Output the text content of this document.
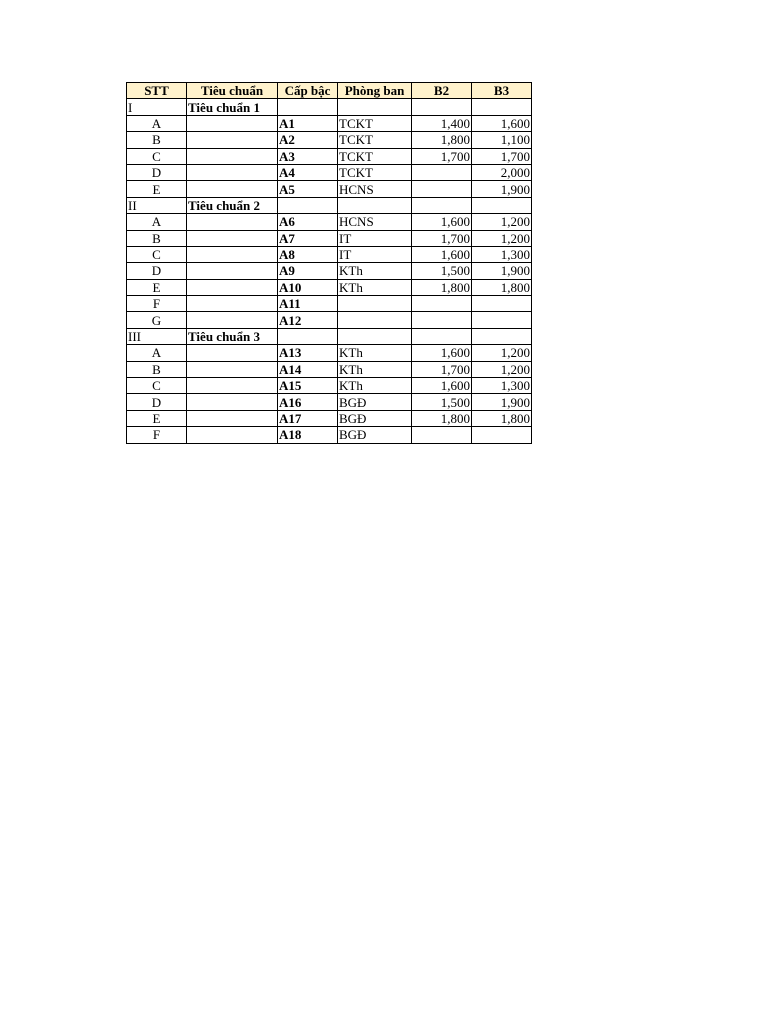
STT	Tiêu chuẩn	Cấp bậc	Phòng ban	B2	B3
I	Tiêu chuẩn 1				
A		A1	TCKT	1,400	1,600
B		A2	TCKT	1,800	1,100
C		A3	TCKT	1,700	1,700
D		A4	TCKT		2,000
E		A5	HCNS		1,900
II	Tiêu chuẩn 2				
A		A6	HCNS	1,600	1,200
B		A7	IT	1,700	1,200
C		A8	IT	1,600	1,300
D		A9	KTh	1,500	1,900
E		A10	KTh	1,800	1,800
F		A11			
G		A12			
III	Tiêu chuẩn 3				
A		A13	KTh	1,600	1,200
B		A14	KTh	1,700	1,200
C		A15	KTh	1,600	1,300
D		A16	BGĐ	1,500	1,900
E		A17	BGĐ	1,800	1,800
F		A18	BGĐ		
